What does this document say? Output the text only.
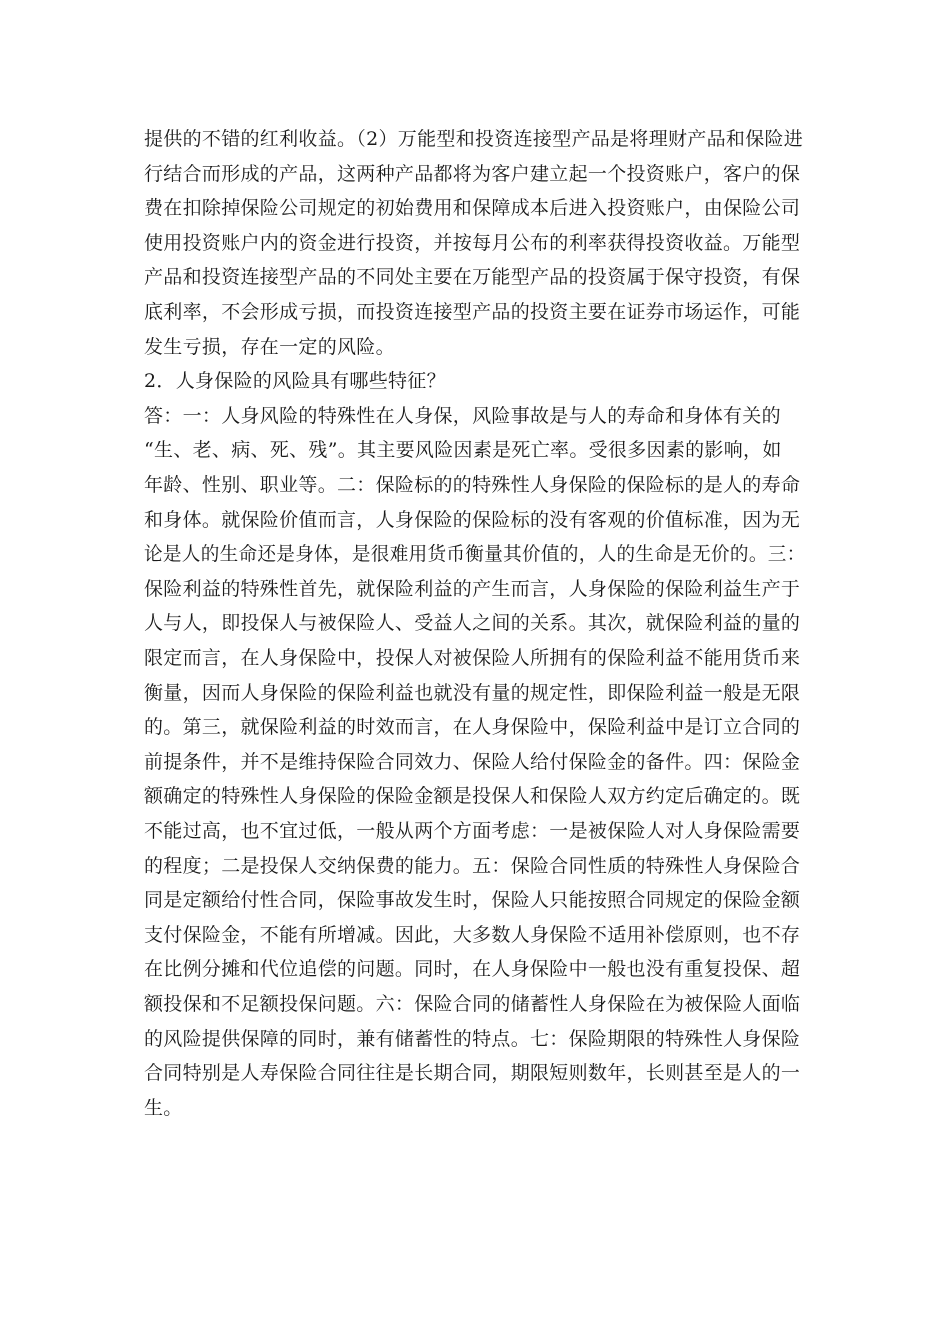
提供的不错的红利收益。（2）万能型和投资连接型产品是将理财产品和保险进
行结合而形成的产品，这两种产品都将为客户建立起一个投资账户，客户的保
费在扣除掉保险公司规定的初始费用和保障成本后进入投资账户，由保险公司
使用投资账户内的资金进行投资，并按每月公布的利率获得投资收益。万能型
产品和投资连接型产品的不同处主要在万能型产品的投资属于保守投资，有保
底利率，不会形成亏损，而投资连接型产品的投资主要在证券市场运作，可能
发生亏损，存在一定的风险。
2．人身保险的风险具有哪些特征？
答：一：人身风险的特殊性在人身保，风险事故是与人的寿命和身体有关的
“生、老、病、死、残”。其主要风险因素是死亡率。受很多因素的影响，如
年龄、性别、职业等。二：保险标的的特殊性人身保险的保险标的是人的寿命
和身体。就保险价值而言，人身保险的保险标的没有客观的价值标准，因为无
论是人的生命还是身体，是很难用货币衡量其价值的，人的生命是无价的。三：
保险利益的特殊性首先，就保险利益的产生而言，人身保险的保险利益生产于
人与人，即投保人与被保险人、受益人之间的关系。其次，就保险利益的量的
限定而言，在人身保险中，投保人对被保险人所拥有的保险利益不能用货币来
衡量，因而人身保险的保险利益也就没有量的规定性，即保险利益一般是无限
的。第三，就保险利益的时效而言，在人身保险中，保险利益中是订立合同的
前提条件，并不是维持保险合同效力、保险人给付保险金的备件。四：保险金
额确定的特殊性人身保险的保险金额是投保人和保险人双方约定后确定的。既
不能过高，也不宜过低，一般从两个方面考虑：一是被保险人对人身保险需要
的程度；二是投保人交纳保费的能力。五：保险合同性质的特殊性人身保险合
同是定额给付性合同，保险事故发生时，保险人只能按照合同规定的保险金额
支付保险金，不能有所增减。因此，大多数人身保险不适用补偿原则，也不存
在比例分摊和代位追偿的问题。同时，在人身保险中一般也没有重复投保、超
额投保和不足额投保问题。六：保险合同的储蓄性人身保险在为被保险人面临
的风险提供保障的同时，兼有储蓄性的特点。七：保险期限的特殊性人身保险
合同特别是人寿保险合同往往是长期合同，期限短则数年，长则甚至是人的一
生。
